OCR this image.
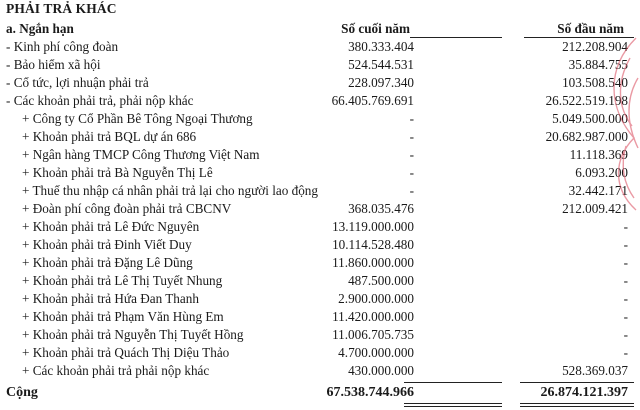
PHẢI TRẢ KHÁC
a. Ngắn hạn	Số cuối năm	Số đầu năm
- Kinh phí công đoàn	380.333.404	212.208.904
- Bảo hiểm xã hội	524.544.531	35.884.755
- Cổ tức, lợi nhuận phải trả	228.097.340	103.508.540
- Các khoản phải trả, phải nộp khác	66.405.769.691	26.522.519.198
+ Công ty Cổ Phần Bê Tông Ngoại Thương	-	5.049.500.000
+ Khoản phải trả BQL dự án 686	-	20.682.987.000
+ Ngân hàng TMCP Công Thương Việt Nam	-	11.118.369
+ Khoản phải trả Bà Nguyễn Thị Lê	-	6.093.200
+ Thuế thu nhập cá nhân phải trả lại cho người lao động	-	32.442.171
+ Đoàn phí công đoàn phải trả CBCNV	368.035.476	212.009.421
+ Khoản phải trả Lê Đức Nguyên	13.119.000.000	-
+ Khoản phải trả Đinh Viết Duy	10.114.528.480	-
+ Khoản phải trả Đặng Lê Dũng	11.860.000.000	-
+ Khoản phải trả Lê Thị Tuyết Nhung	487.500.000	-
+ Khoản phải trả Hứa Đan Thanh	2.900.000.000	-
+ Khoản phải trả Phạm Văn Hùng Em	11.420.000.000	-
+ Khoản phải trả Nguyễn Thị Tuyết Hồng	11.006.705.735	-
+ Khoản phải trả Quách Thị Diệu Thảo	4.700.000.000	-
+ Các khoản phải trả phải nộp khác	430.000.000	528.369.037
Cộng	67.538.744.966	26.874.121.397
